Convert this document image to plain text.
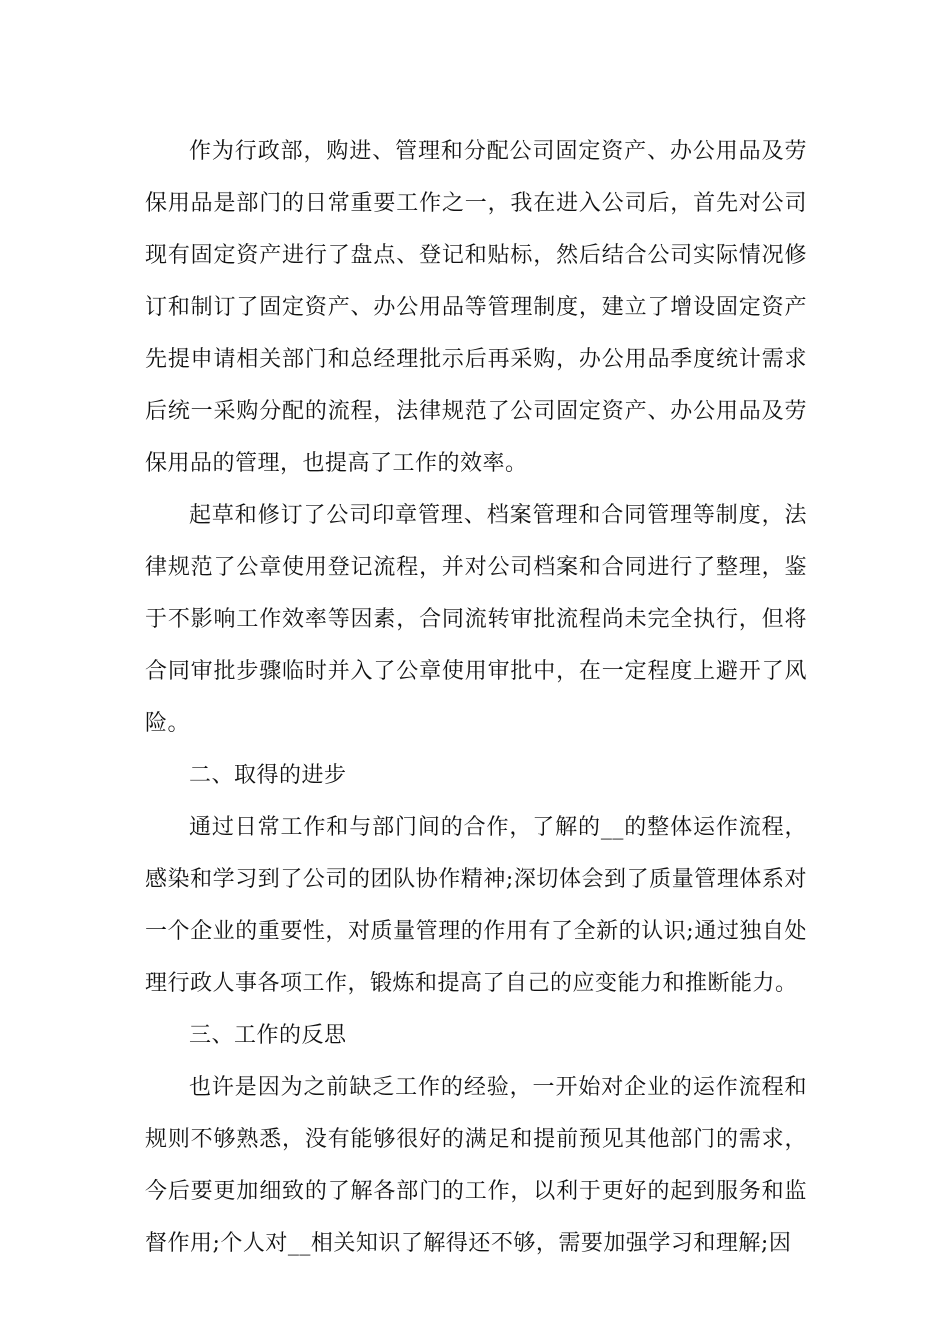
作为行政部，购进、管理和分配公司固定资产、办公用品及劳保用品是部门的日常重要工作之一，我在进入公司后，首先对公司现有固定资产进行了盘点、登记和贴标，然后结合公司实际情况修订和制订了固定资产、办公用品等管理制度，建立了增设固定资产先提申请相关部门和总经理批示后再采购，办公用品季度统计需求后统一采购分配的流程，法律规范了公司固定资产、办公用品及劳保用品的管理，也提高了工作的效率。

起草和修订了公司印章管理、档案管理和合同管理等制度，法律规范了公章使用登记流程，并对公司档案和合同进行了整理，鉴于不影响工作效率等因素，合同流转审批流程尚未完全执行，但将合同审批步骤临时并入了公章使用审批中，在一定程度上避开了风险。

二、取得的进步

通过日常工作和与部门间的合作，了解的__的整体运作流程，感染和学习到了公司的团队协作精神;深切体会到了质量管理体系对一个企业的重要性，对质量管理的作用有了全新的认识;通过独自处理行政人事各项工作，锻炼和提高了自己的应变能力和推断能力。

三、工作的反思

也许是因为之前缺乏工作的经验，一开始对企业的运作流程和规则不够熟悉，没有能够很好的满足和提前预见其他部门的需求，今后要更加细致的了解各部门的工作，以利于更好的起到服务和监督作用;个人对__相关知识了解得还不够，需要加强学习和理解;因
